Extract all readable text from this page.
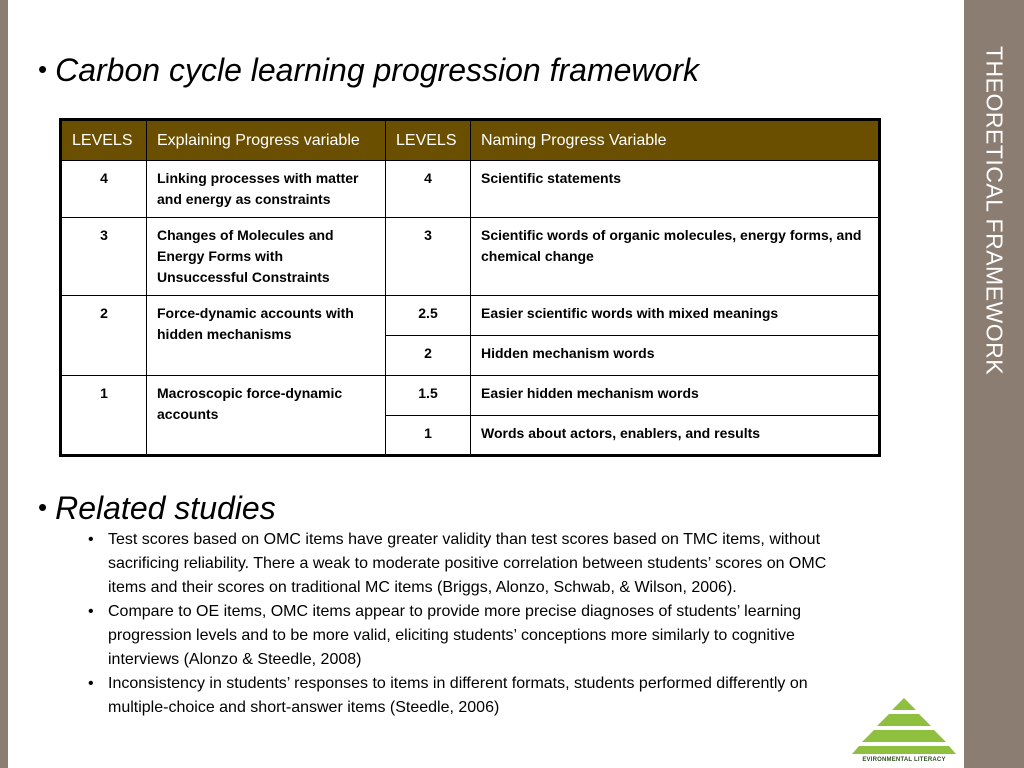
THEORETICAL FRAMEWORK
• Carbon cycle learning progression framework
LEVELS	Explaining Progress variable	LEVELS	Naming Progress Variable
4	Linking processes with matter and energy as constraints	4	Scientific statements
3	Changes of Molecules and Energy Forms with Unsuccessful Constraints	3	Scientific words of organic molecules, energy forms, and chemical change
2	Force-dynamic accounts with hidden mechanisms	2.5	Easier scientific words with mixed meanings
		2	Hidden mechanism words
1	Macroscopic force-dynamic accounts	1.5	Easier hidden mechanism words
		1	Words about actors, enablers, and results
• Related studies
• Test scores based on OMC items have greater validity than test scores based on TMC items, without sacrificing reliability. There a weak to moderate positive correlation between students’ scores on OMC items and their scores on traditional MC items (Briggs, Alonzo, Schwab, & Wilson, 2006).
• Compare to OE items, OMC items appear to provide more precise diagnoses of students’ learning progression levels and to be more valid, eliciting students’ conceptions more similarly to cognitive interviews (Alonzo & Steedle, 2008)
• Inconsistency in students’ responses to items in different formats, students performed differently on multiple-choice and short-answer items (Steedle, 2006)
EVIRONMENTAL LITERACY
